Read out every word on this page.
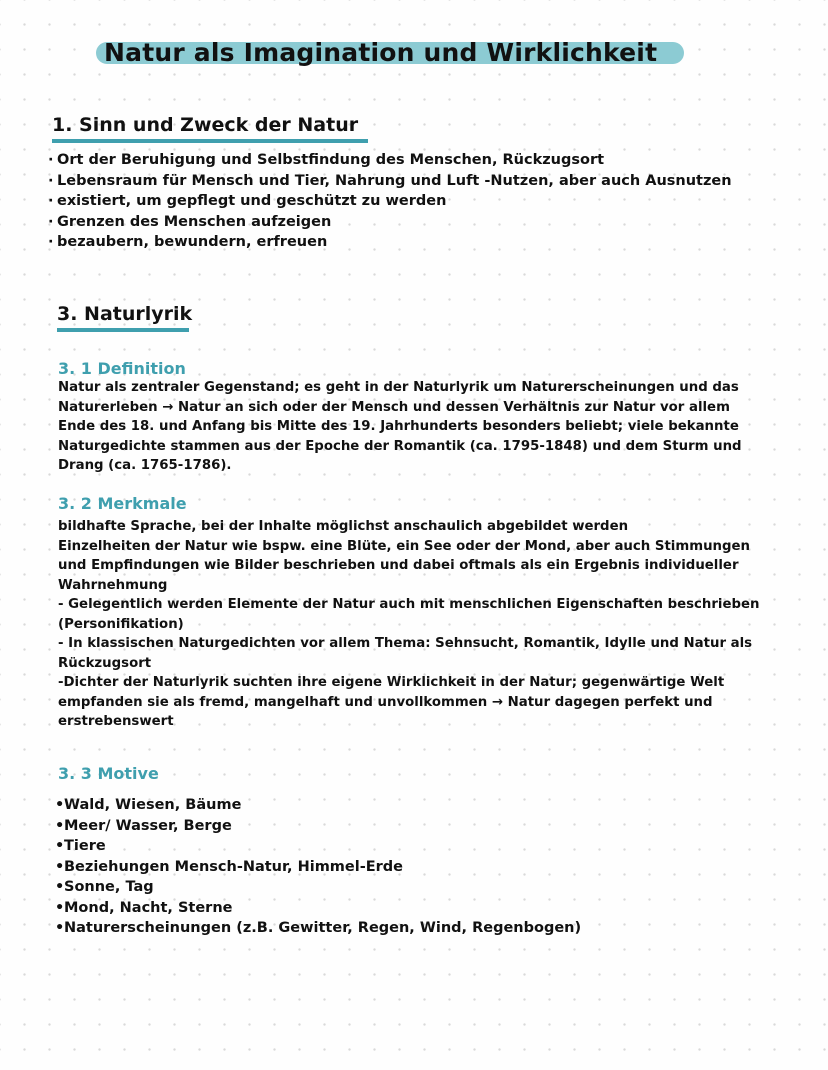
Natur als Imagination und Wirklichkeit
1. Sinn und Zweck der Natur
· Ort der Beruhigung und Selbstfindung des Menschen, Rückzugsort
· Lebensraum für Mensch und Tier, Nahrung und Luft -Nutzen, aber auch Ausnutzen
· existiert, um gepflegt und geschützt zu werden
· Grenzen des Menschen aufzeigen
· bezaubern, bewundern, erfreuen
3. Naturlyrik
3. 1 Definition

Natur als zentraler Gegenstand; es geht in der Naturlyrik um Naturerscheinungen und das Naturerleben → Natur an sich oder der Mensch und dessen Verhältnis zur Natur vor allem Ende des 18. und Anfang bis Mitte des 19. Jahrhunderts besonders beliebt; viele bekannte Naturgedichte stammen aus der Epoche der Romantik (ca. 1795-1848) und dem Sturm und Drang (ca. 1765-1786).

3. 2 Merkmale
bildhafte Sprache, bei der Inhalte möglichst anschaulich abgebildet werden
Einzelheiten der Natur wie bspw. eine Blüte, ein See oder der Mond, aber auch Stimmungen und Empfindungen wie Bilder beschrieben und dabei oftmals als ein Ergebnis individueller Wahrnehmung
- Gelegentlich werden Elemente der Natur auch mit menschlichen Eigenschaften beschrieben (Personifikation)
- In klassischen Naturgedichten vor allem Thema: Sehnsucht, Romantik, Idylle und Natur als Rückzugsort
-Dichter der Naturlyrik suchten ihre eigene Wirklichkeit in der Natur; gegenwärtige Welt empfanden sie als fremd, mangelhaft und unvollkommen → Natur dagegen perfekt und erstrebenswert
3. 3 Motive
• Wald, Wiesen, Bäume
• Meer/ Wasser, Berge
• Tiere
• Beziehungen Mensch-Natur, Himmel-Erde
• Sonne, Tag
• Mond, Nacht, Sterne
• Naturerscheinungen (z.B. Gewitter, Regen, Wind, Regenbogen)
